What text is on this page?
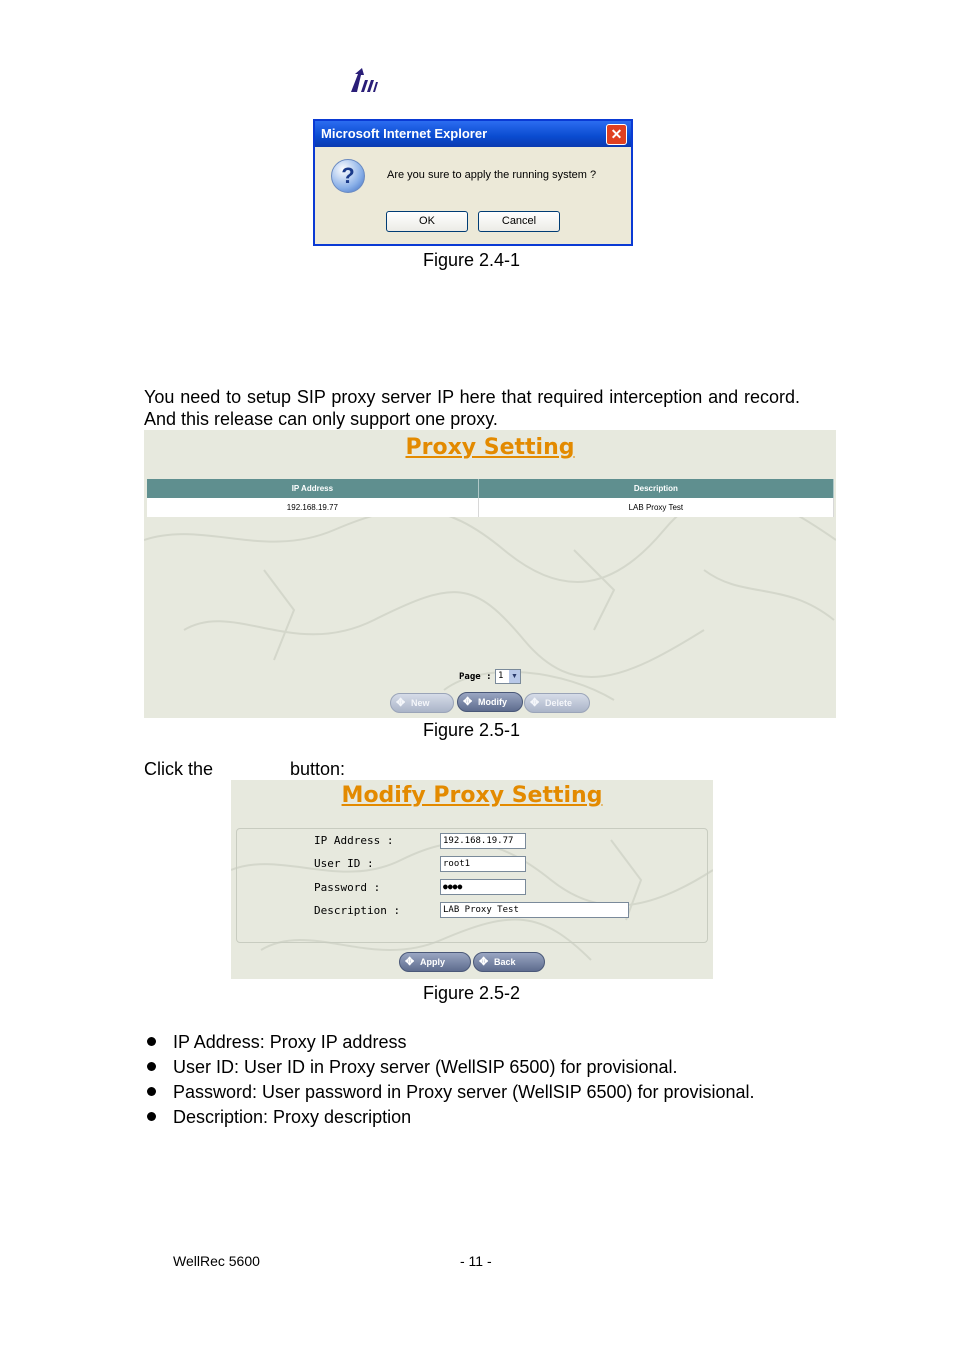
Microsoft Internet Explorer	✕
?	Are you sure to apply the running system ?
OK	Cancel
Figure 2.4-1
You need to setup SIP proxy server IP here that required interception and record. And this release can only support one proxy.
Proxy Setting
IP Address	Description
192.168.19.77	LAB Proxy Test
Page : 1 ▼
✥ New	✥ Modify	✥ Delete
Figure 2.5-1
Click the	button:
Modify Proxy Setting
IP Address :	192.168.19.77
User ID :	root1
Password :	●●●●
Description :	LAB Proxy Test
✥ Apply	✥ Back
Figure 2.5-2
IP Address: Proxy IP address
User ID: User ID in Proxy server (WellSIP 6500) for provisional.
Password: User password in Proxy server (WellSIP 6500) for provisional.
Description: Proxy description
WellRec 5600	- 11 -
